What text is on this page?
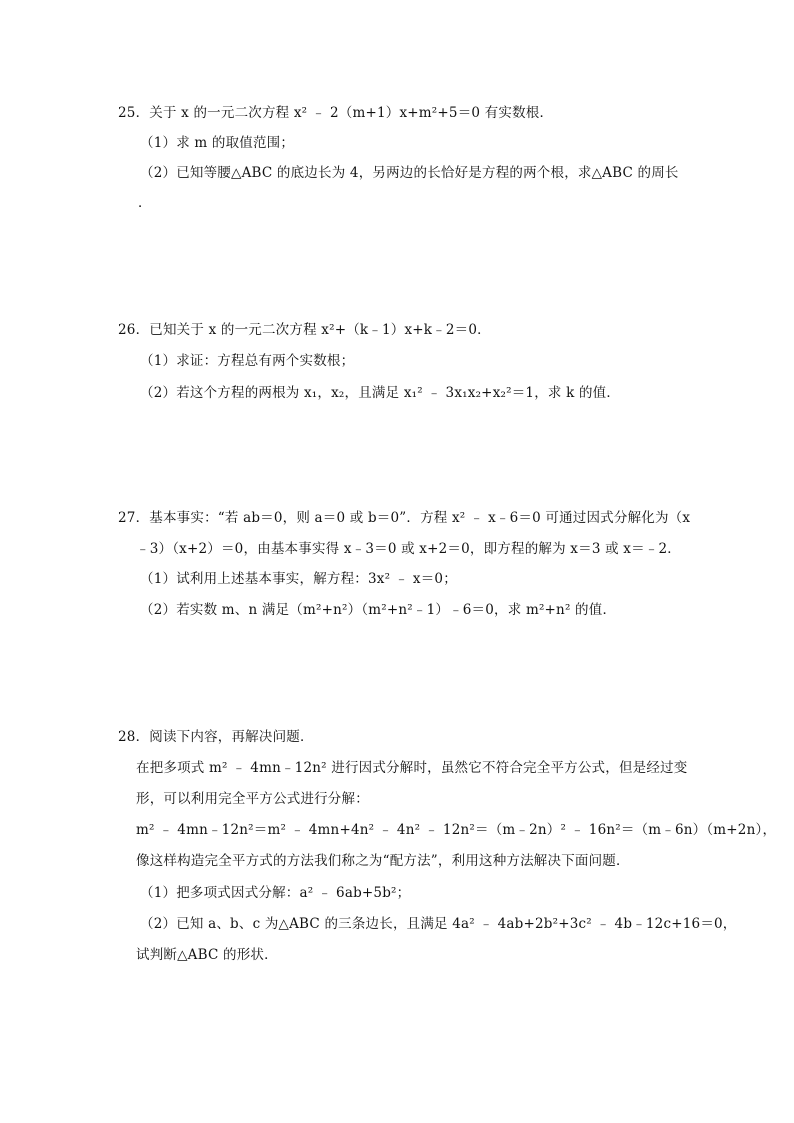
25．关于 x 的一元二次方程 x² ﹣ 2（m+1）x+m²+5＝0 有实数根．
（1）求 m 的取值范围；
（2）已知等腰△ABC 的底边长为 4，另两边的长恰好是方程的两个根，求△ABC 的周长
．
26．已知关于 x 的一元二次方程 x²+（k﹣1）x+k﹣2＝0．
（1）求证：方程总有两个实数根；
（2）若这个方程的两根为 x₁，x₂，且满足 x₁² ﹣ 3x₁x₂+x₂²＝1，求 k 的值．
27．基本事实：“若 ab＝0，则 a＝0 或 b＝0”．方程 x² ﹣ x﹣6＝0 可通过因式分解化为（x
﹣3）（x+2）＝0，由基本事实得 x﹣3＝0 或 x+2＝0，即方程的解为 x＝3 或 x＝﹣2．
（1）试利用上述基本事实，解方程：3x² ﹣ x＝0；
（2）若实数 m、n 满足（m²+n²）（m²+n²﹣1）﹣6＝0，求 m²+n² 的值．
28．阅读下内容，再解决问题．
在把多项式 m² ﹣ 4mn﹣12n² 进行因式分解时，虽然它不符合完全平方公式，但是经过变
形，可以利用完全平方公式进行分解：
m² ﹣ 4mn﹣12n²＝m² ﹣ 4mn+4n² ﹣ 4n² ﹣ 12n²＝（m﹣2n）² ﹣ 16n²＝（m﹣6n）（m+2n），
像这样构造完全平方式的方法我们称之为“配方法”，利用这种方法解决下面问题．
（1）把多项式因式分解：a² ﹣ 6ab+5b²；
（2）已知 a、b、c 为△ABC 的三条边长，且满足 4a² ﹣ 4ab+2b²+3c² ﹣ 4b﹣12c+16＝0，
试判断△ABC 的形状．
